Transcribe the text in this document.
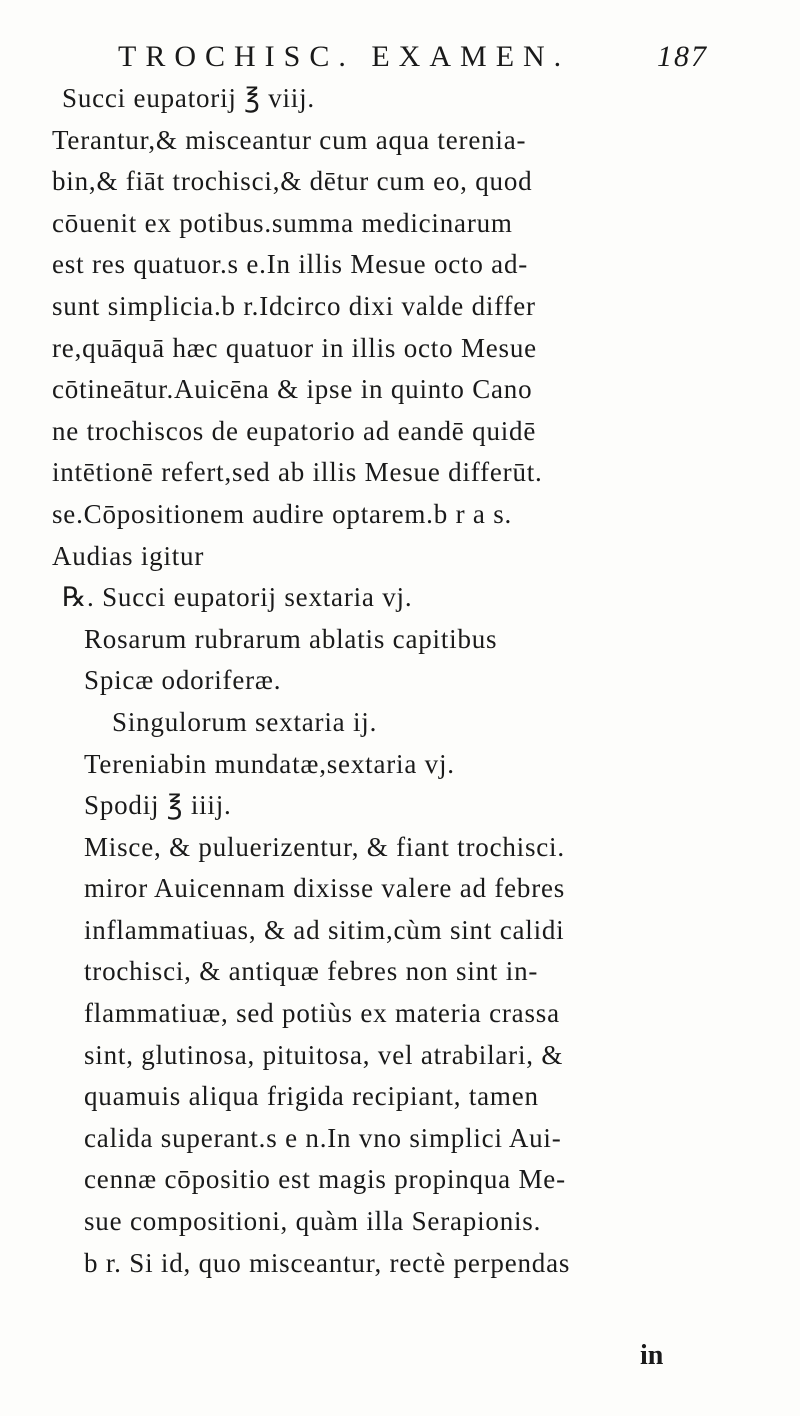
TROCHISC. EXAMEN.	187
Succi eupatorij ℥ viij.
Terantur,& misceantur cum aqua terenia-
bin,& fiāt trochisci,& dētur cum eo, quod
cōuenit ex potibus.summa medicinarum
est res quatuor.s e.In illis Mesue octo ad-
sunt simplicia.b r.Idcirco dixi valde differ
re,quāquā hæc quatuor in illis octo Mesue
cōtineātur.Auicēna & ipse in quinto Cano
ne trochiscos de eupatorio ad eandē quidē
intētionē refert,sed ab illis Mesue differūt.
se.Cōpositionem audire optarem.b r a s.
Audias igitur
℞. Succi eupatorij sextaria vj.
Rosarum rubrarum ablatis capitibus
Spicæ odoriferæ.
Singulorum sextaria ij.
Tereniabin mundatæ,sextaria vj.
Spodij ℥ iiij.
Misce, & puluerizentur, & fiant trochisci.
miror Auicennam dixisse valere ad febres
inflammatiuas, & ad sitim,cùm sint calidi
trochisci, & antiquæ febres non sint in-
flammatiuæ, sed potiùs ex materia crassa
sint, glutinosa, pituitosa, vel atrabilari, &
quamuis aliqua frigida recipiant, tamen
calida superant.s e n.In vno simplici Aui-
cennæ cōpositio est magis propinqua Me-
sue compositioni, quàm illa Serapionis.
b r. Si id, quo misceantur, rectè perpendas
in
